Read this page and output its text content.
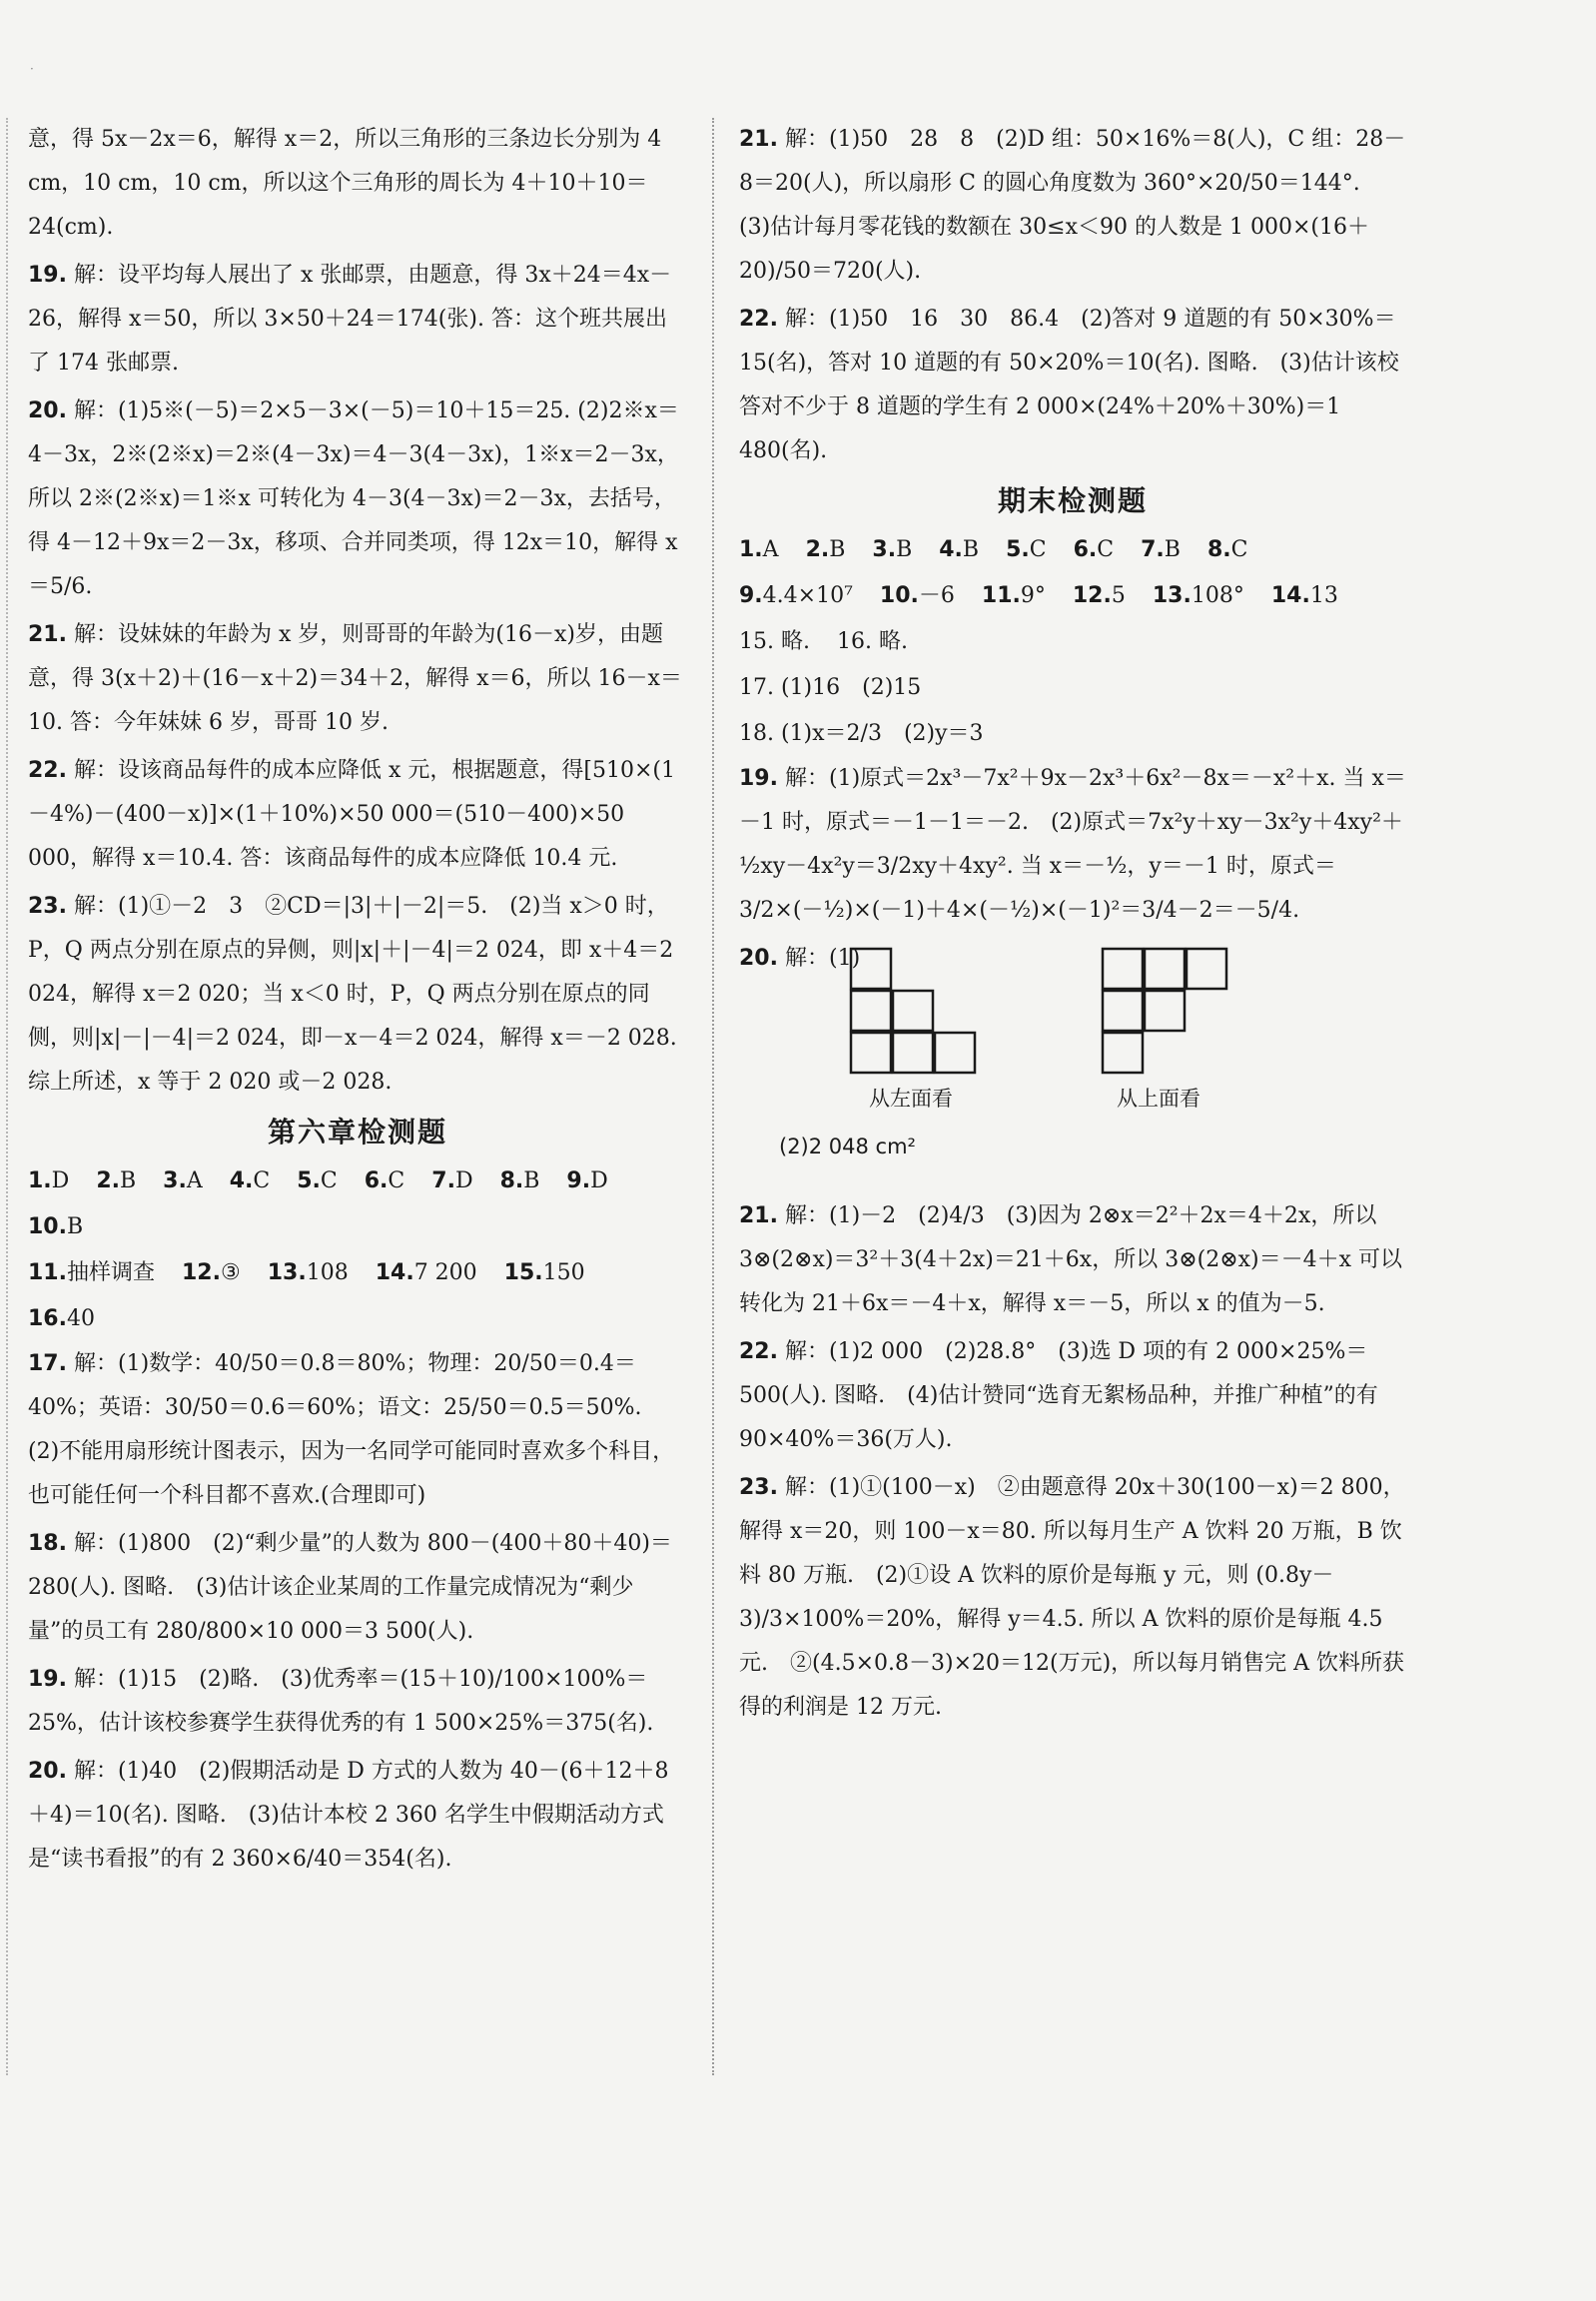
·
意，得 5x－2x＝6，解得 x＝2，所以三角形的三条边长分别为 4 cm，10 cm，10 cm，所以这个三角形的周长为 4＋10＋10＝24(cm).
19. 解：设平均每人展出了 x 张邮票，由题意，得 3x＋24＝4x－26，解得 x＝50，所以 3×50＋24＝174(张). 答：这个班共展出了 174 张邮票.
20. 解：(1)5※(－5)＝2×5－3×(－5)＝10＋15＝25. (2)2※x＝4－3x，2※(2※x)＝2※(4－3x)＝4－3(4－3x)，1※x＝2－3x，所以 2※(2※x)＝1※x 可转化为 4－3(4－3x)＝2－3x，去括号，得 4－12＋9x＝2－3x，移项、合并同类项，得 12x＝10，解得 x＝5/6.
21. 解：设妹妹的年龄为 x 岁，则哥哥的年龄为(16－x)岁，由题意，得 3(x＋2)＋(16－x＋2)＝34＋2，解得 x＝6，所以 16－x＝10. 答：今年妹妹 6 岁，哥哥 10 岁.
22. 解：设该商品每件的成本应降低 x 元，根据题意，得[510×(1－4%)－(400－x)]×(1＋10%)×50 000＝(510－400)×50 000，解得 x＝10.4. 答：该商品每件的成本应降低 10.4 元.
23. 解：(1)①－2　3　②CD＝|3|＋|－2|＝5.　(2)当 x＞0 时，P，Q 两点分别在原点的异侧，则|x|＋|－4|＝2 024，即 x＋4＝2 024，解得 x＝2 020；当 x＜0 时，P，Q 两点分别在原点的同侧，则|x|－|－4|＝2 024，即－x－4＝2 024，解得 x＝－2 028. 综上所述，x 等于 2 020 或－2 028.
第六章检测题
1.D 2.B 3.A 4.C 5.C 6.C 7.D 8.B 9.D
10.B
11.抽样调查 12.③ 13.108 14.7 200 15.150 16.40
17. 解：(1)数学：40/50＝0.8＝80%；物理：20/50＝0.4＝40%；英语：30/50＝0.6＝60%；语文：25/50＝0.5＝50%.　(2)不能用扇形统计图表示，因为一名同学可能同时喜欢多个科目，也可能任何一个科目都不喜欢.(合理即可)
18. 解：(1)800　(2)“剩少量”的人数为 800－(400＋80＋40)＝280(人). 图略.　(3)估计该企业某周的工作量完成情况为“剩少量”的员工有 280/800×10 000＝3 500(人).
19. 解：(1)15　(2)略.　(3)优秀率＝(15＋10)/100×100%＝25%，估计该校参赛学生获得优秀的有 1 500×25%＝375(名).
20. 解：(1)40　(2)假期活动是 D 方式的人数为 40－(6＋12＋8＋4)＝10(名). 图略.　(3)估计本校 2 360 名学生中假期活动方式是“读书看报”的有 2 360×6/40＝354(名).
21. 解：(1)50　28　8　(2)D 组：50×16%＝8(人)，C 组：28－8＝20(人)，所以扇形 C 的圆心角度数为 360°×20/50＝144°.　(3)估计每月零花钱的数额在 30≤x＜90 的人数是 1 000×(16＋20)/50＝720(人).
22. 解：(1)50　16　30　86.4　(2)答对 9 道题的有 50×30%＝15(名)，答对 10 道题的有 50×20%＝10(名). 图略.　(3)估计该校答对不少于 8 道题的学生有 2 000×(24%＋20%＋30%)＝1 480(名).
期末检测题
1.A 2.B 3.B 4.B 5.C 6.C 7.B 8.C
9.4.4×10⁷ 10.－6 11.9° 12.5 13.108° 14.13
15. 略. 16. 略.
17. (1)16　(2)15
18. (1)x＝2/3　(2)y＝3
19. 解：(1)原式＝2x³－7x²＋9x－2x³＋6x²－8x＝－x²＋x. 当 x＝－1 时，原式＝－1－1＝－2.　(2)原式＝7x²y＋xy－3x²y＋4xy²＋½xy－4x²y＝3/2xy＋4xy². 当 x＝－½，y＝－1 时，原式＝3/2×(－½)×(－1)＋4×(－½)×(－1)²＝3/4－2＝－5/4.
20. 解：(1)
从左面看	从上面看
(2)2 048 cm²
21. 解：(1)－2　(2)4/3　(3)因为 2⊗x＝2²＋2x＝4＋2x，所以 3⊗(2⊗x)＝3²＋3(4＋2x)＝21＋6x，所以 3⊗(2⊗x)＝－4＋x 可以转化为 21＋6x＝－4＋x，解得 x＝－5，所以 x 的值为－5.
22. 解：(1)2 000　(2)28.8°　(3)选 D 项的有 2 000×25%＝500(人). 图略.　(4)估计赞同“选育无絮杨品种，并推广种植”的有 90×40%＝36(万人).
23. 解：(1)①(100－x)　②由题意得 20x＋30(100－x)＝2 800，解得 x＝20，则 100－x＝80. 所以每月生产 A 饮料 20 万瓶，B 饮料 80 万瓶.　(2)①设 A 饮料的原价是每瓶 y 元，则 (0.8y－3)/3×100%＝20%，解得 y＝4.5. 所以 A 饮料的原价是每瓶 4.5 元.　②(4.5×0.8－3)×20＝12(万元)，所以每月销售完 A 饮料所获得的利润是 12 万元.
